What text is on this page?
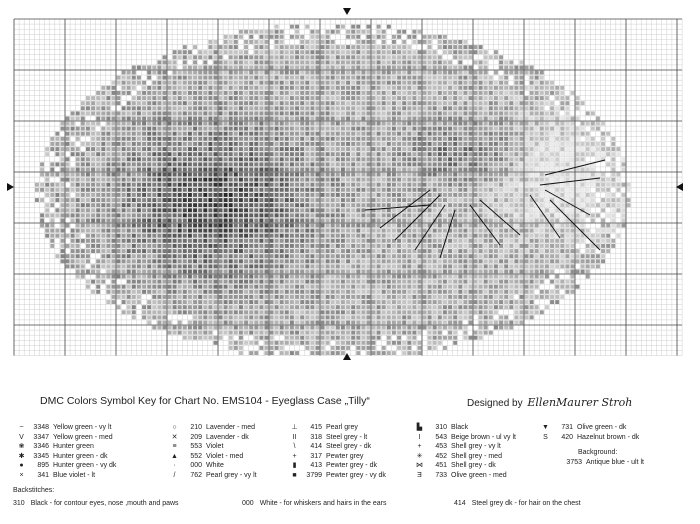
DMC Colors Symbol Key for Chart No. EMS104 - Eyeglass Case „Tilly“	Designed by EllenMaurer Stroh
~	3348 Yellow green - vy lt
V	3347 Yellow green - med
❀	3346 Hunter green
✱	3345 Hunter green - dk
●	895 Hunter green - vy dk
×	341 Blue violet - lt
○	210 Lavender - med
✕	209 Lavender - dk
≡	553 Violet
▲	552 Violet - med
·	000 White
/	762 Pearl grey - vy lt
⊥	415 Pearl grey
II	318 Steel grey - lt
\	414 Steel grey - dk
+	317 Pewter grey
▮	413 Pewter grey - dk
■	3799 Pewter grey - vy dk
▙	310 Black
I	543 Beige brown - ul vy lt
+	453 Shell grey - vy lt
✳	452 Shell grey - med
⋈	451 Shell grey - dk
Ǝ	733 Olive green - med
▼	731 Olive green - dk
S	420 Hazelnut brown - dk
Background:
3753 Antique blue - ult lt
Backstitches:
310 Black - for contour eyes, nose ,mouth and paws	000 White - for whiskers and hairs in the ears	414 Steel grey dk - for hair on the chest
